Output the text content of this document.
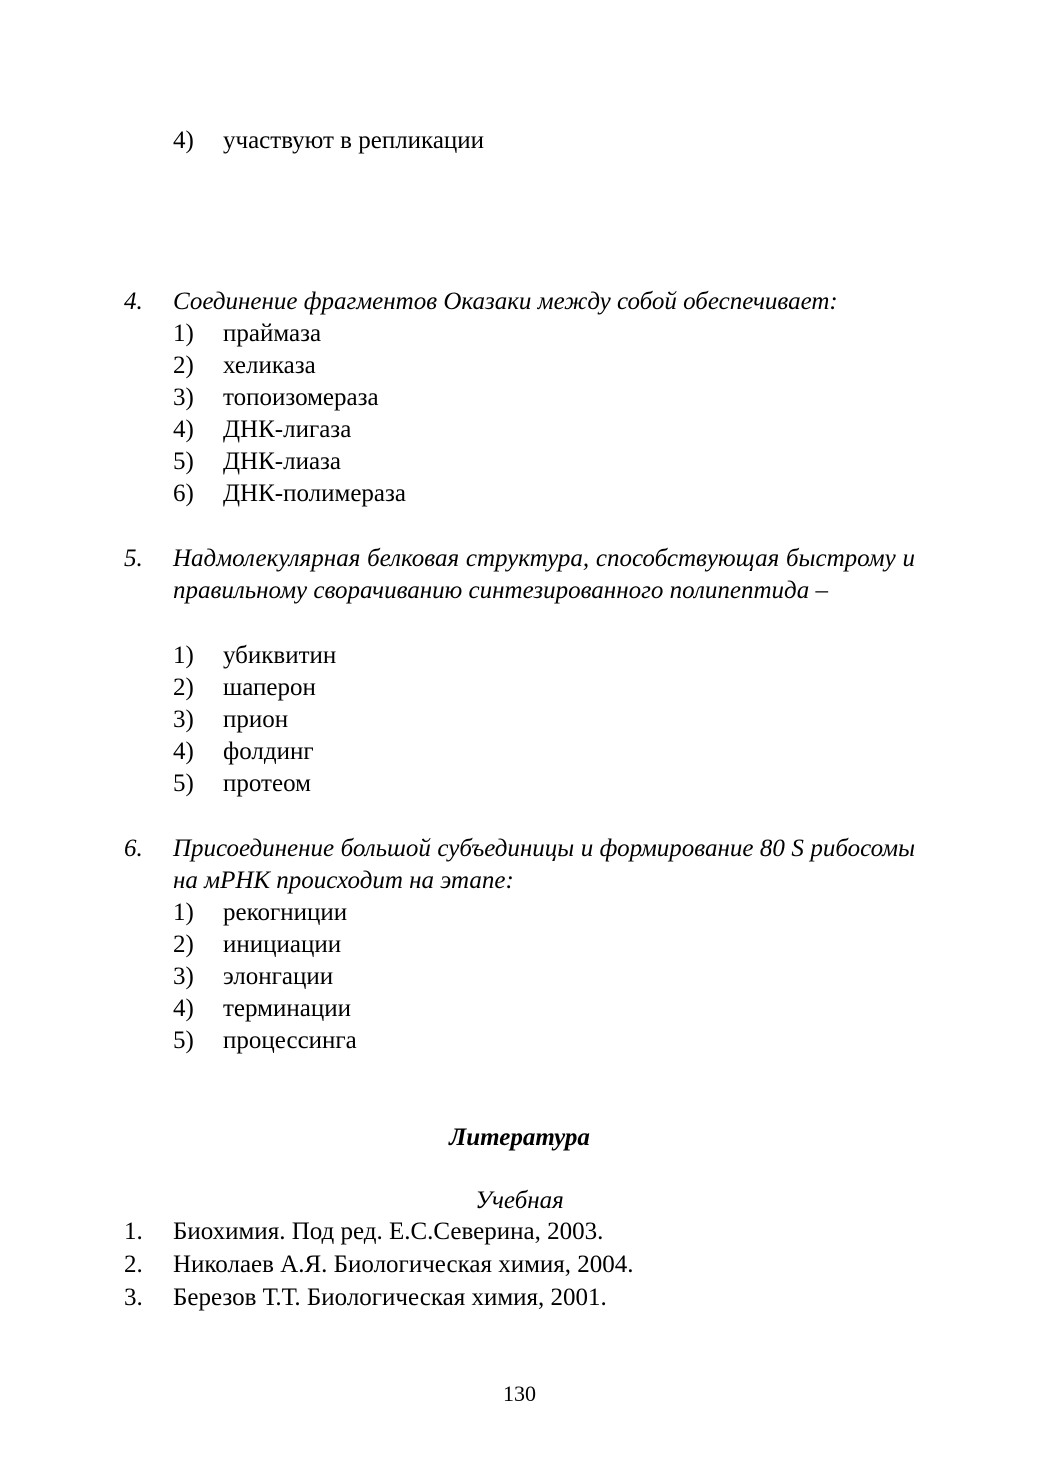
4) участвуют в репликации
4. Соединение фрагментов Оказаки между собой обеспечивает:
1) праймаза
2) хеликаза
3) топоизомераза
4) ДНК-лигаза
5) ДНК-лиаза
6) ДНК-полимераза
5. Надмолекулярная белковая структура, способствующая быстрому и правильному сворачиванию синтезированного полипептида –
1) убиквитин
2) шаперон
3) прион
4) фолдинг
5) протеом
6. Присоединение большой субъединицы и формирование 80 S рибосомы на мРНК происходит на этапе:
1) рекогниции
2) инициации
3) элонгации
4) терминации
5) процессинга
Литература
Учебная
1. Биохимия. Под ред. Е.С.Северина, 2003.
2. Николаев А.Я. Биологическая химия, 2004.
3. Березов Т.Т. Биологическая химия, 2001.
130
